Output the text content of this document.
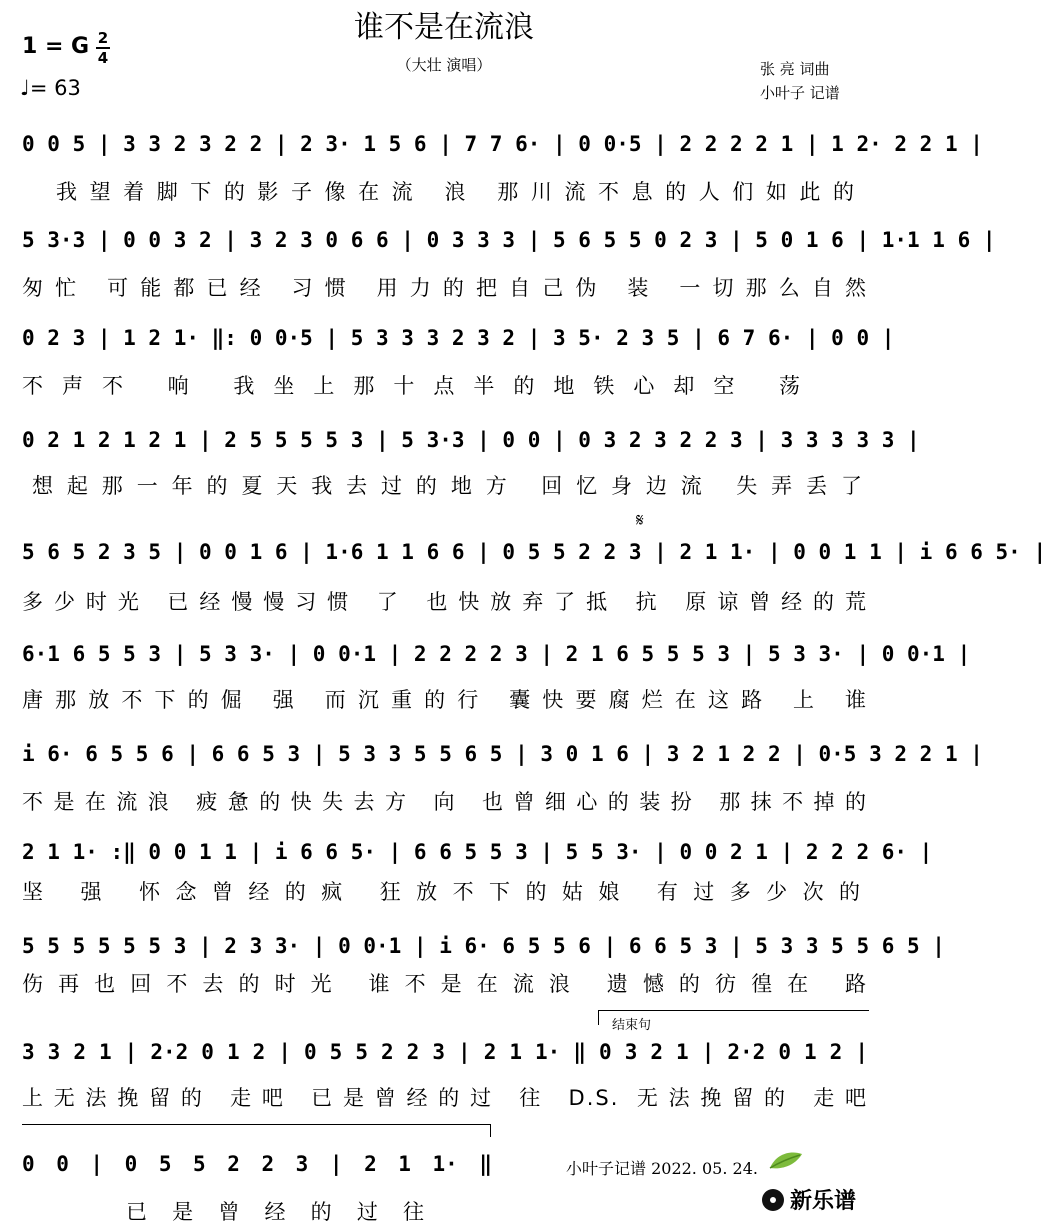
谁不是在流浪
（大壮 演唱）
1 = G 2
4
♩= 63
张 亮 词曲
小叶子 记谱
0 0 5 | 3 3 2 3 2 2 | 2 3· 1 5 6 | 7 7 6· | 0 0·5 | 2 2 2 2 1 | 1 2· 2 2 1 |
我望着脚下的影子像在流 浪 那川流不息的人们如此的
5 3·3 | 0 0 3 2 | 3 2 3 0 6 6 | 0 3 3 3 | 5 6 5 5 0 2 3 | 5 0 1 6 | 1·1 1 6 |
匆忙 可能都已经 习惯 用力的把自己伪 装 一切那么自然
0 2 3 | 1 2 1· ‖: 0 0·5 | 5 3 3 3 2 3 2 | 3 5· 2 3 5 | 6 7 6· | 0 0 |
不声不 响 我坐上那十点半的地铁心却空 荡
0 2 1 2 1 2 1 | 2 5 5 5 5 3 | 5 3·3 | 0 0 | 0 3 2 3 2 2 3 | 3 3 3 3 3 |
想起那一年的夏天我去过的地方 回忆身边流 失弄丢了
𝄋
5 6 5 2 3 5 | 0 0 1 6 | 1·6 1 1 6 6 | 0 5 5 2 2 3 | 2 1 1· | 0 0 1 1 | i 6 6 5· |
多少时光 已经慢慢习惯 了 也快放弃了抵 抗 原谅曾经的荒
6·1 6 5 5 3 | 5 3 3· | 0 0·1 | 2 2 2 2 3 | 2 1 6 5 5 5 3 | 5 3 3· | 0 0·1 |
唐那放不下的倔 强 而沉重的行 囊快要腐烂在这路 上 谁
i 6· 6 5 5 6 | 6 6 5 3 | 5 3 3 5 5 6 5 | 3 0 1 6 | 3 2 1 2 2 | 0·5 3 2 2 1 |
不是在流浪 疲惫的快失去方 向 也曾细心的装扮 那抹不掉的
2 1 1· :‖ 0 0 1 1 | i 6 6 5· | 6 6 5 5 3 | 5 5 3· | 0 0 2 1 | 2 2 2 6· |
坚 强 怀念曾经的疯 狂放不下的姑娘 有过多少次的
5 5 5 5 5 5 3 | 2 3 3· | 0 0·1 | i 6· 6 5 5 6 | 6 6 5 3 | 5 3 3 5 5 6 5 |
伤再也回不去的时光 谁不是在流浪 遗憾的彷徨在 路
结束句
3 3 2 1 | 2·2 0 1 2 | 0 5 5 2 2 3 | 2 1 1· ‖ 0 3 2 1 | 2·2 0 1 2 |
上无法挽留的 走吧 已是曾经的过 往 D.S. 无法挽留的 走吧
0 0 | 0 5 5 2 2 3 | 2 1 1· ‖
已是曾经的过往
小叶子记谱 2022. 05. 24.
新乐谱
